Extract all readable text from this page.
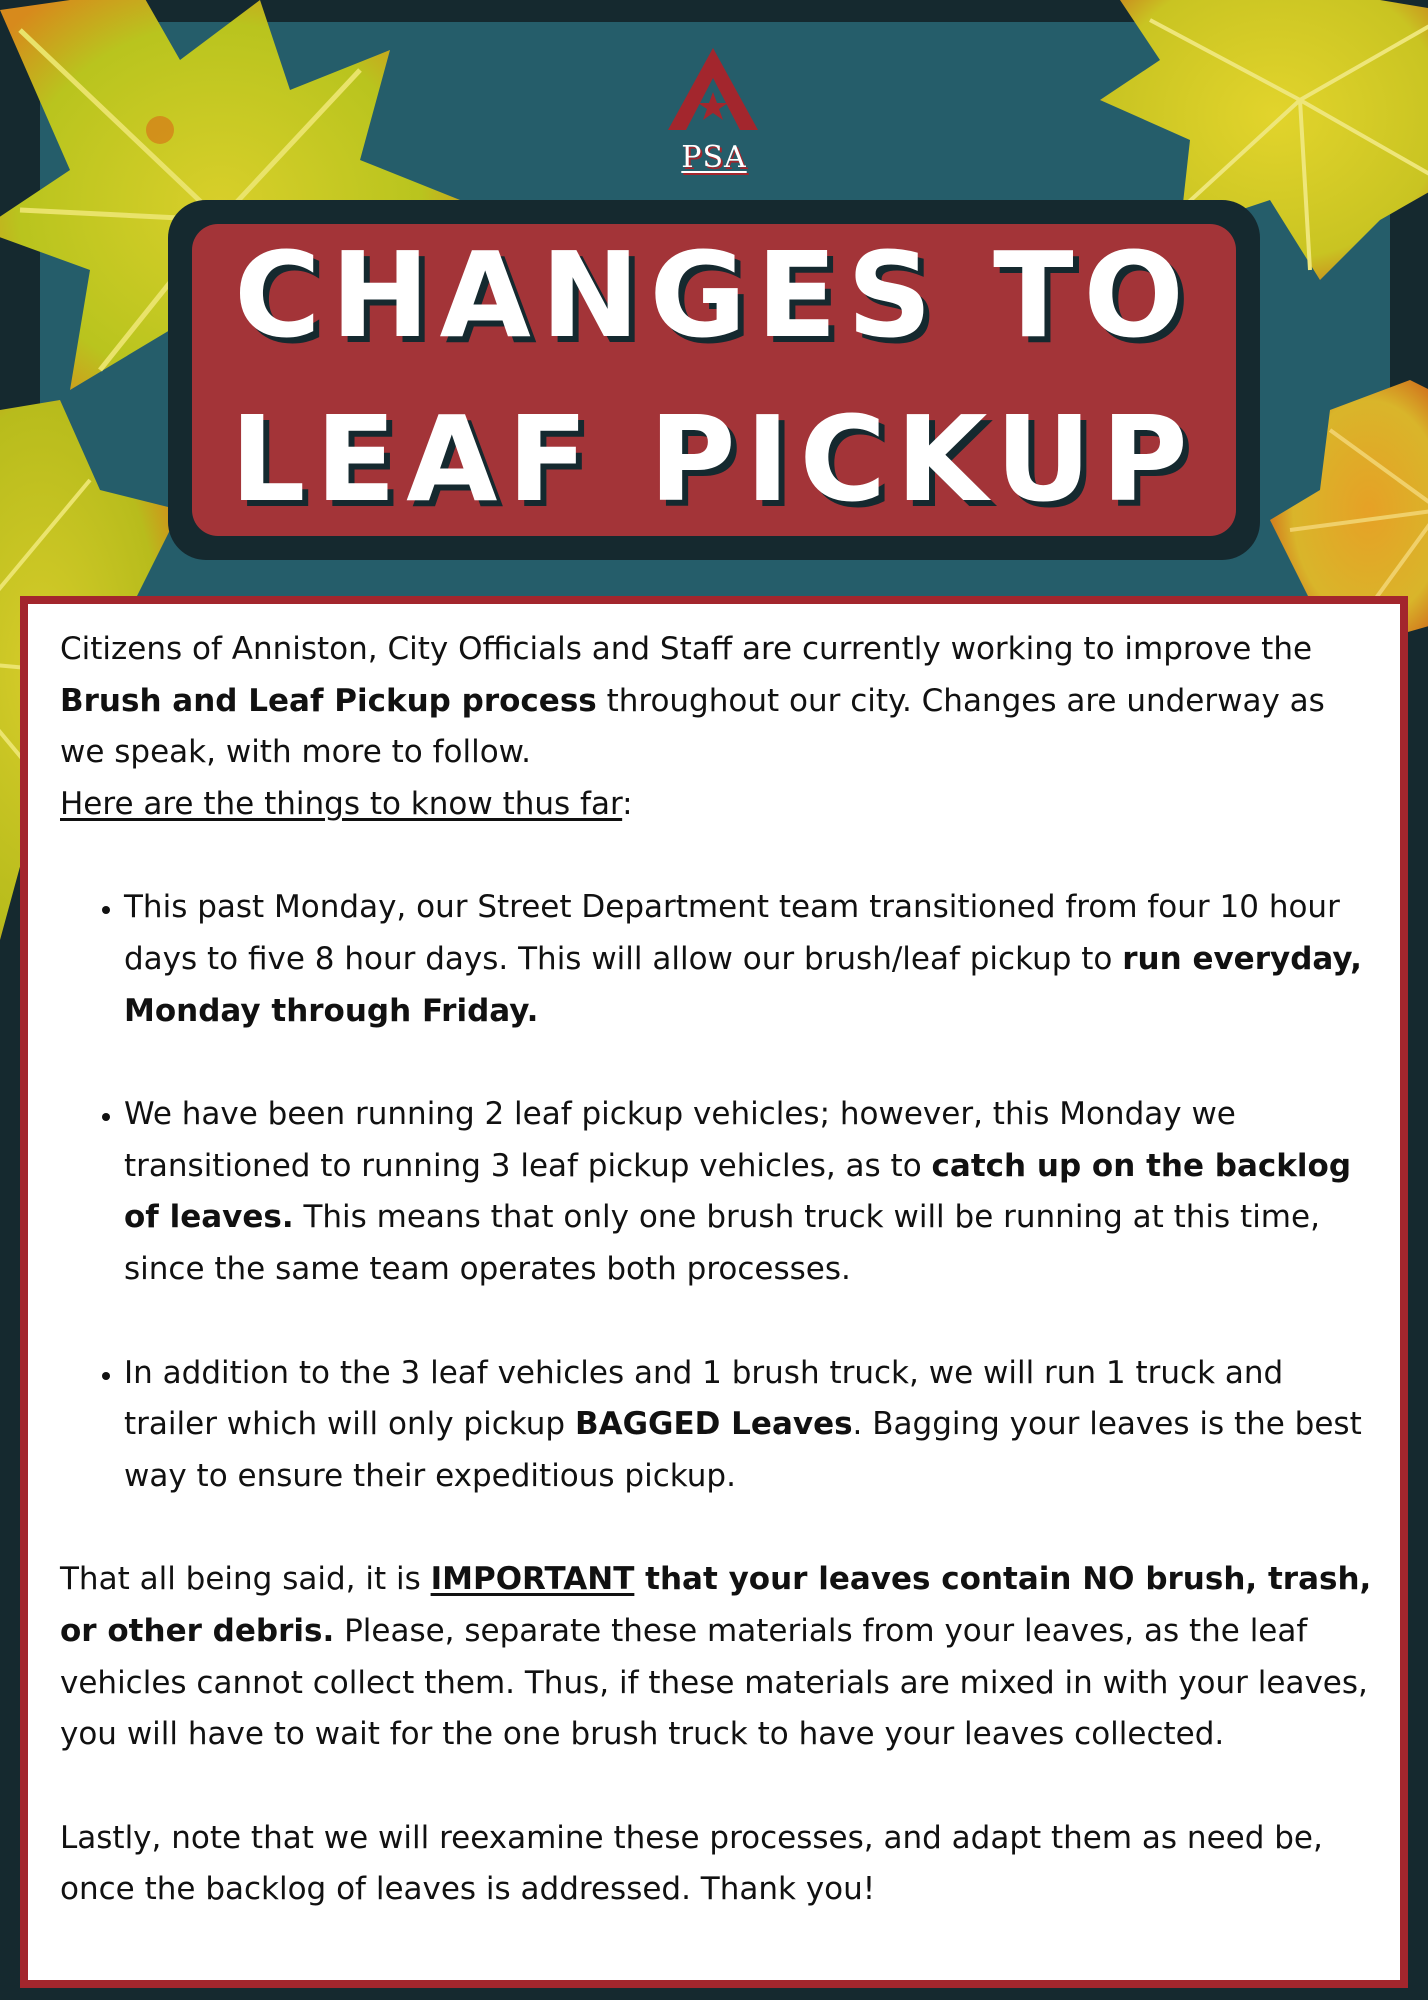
PSA
CHANGES TO
LEAF PICKUP

Citizens of Anniston, City Officials and Staff are currently working to improve the Brush and Leaf Pickup process throughout our city. Changes are underway as we speak, with more to follow.
Here are the things to know thus far:

• This past Monday, our Street Department team transitioned from four 10 hour days to five 8 hour days. This will allow our brush/leaf pickup to run everyday, Monday through Friday.
• We have been running 2 leaf pickup vehicles; however, this Monday we transitioned to running 3 leaf pickup vehicles, as to catch up on the backlog of leaves. This means that only one brush truck will be running at this time, since the same team operates both processes.
• In addition to the 3 leaf vehicles and 1 brush truck, we will run 1 truck and trailer which will only pickup BAGGED Leaves. Bagging your leaves is the best way to ensure their expeditious pickup.

That all being said, it is IMPORTANT that your leaves contain NO brush, trash, or other debris. Please, separate these materials from your leaves, as the leaf vehicles cannot collect them. Thus, if these materials are mixed in with your leaves, you will have to wait for the one brush truck to have your leaves collected.

Lastly, note that we will reexamine these processes, and adapt them as need be, once the backlog of leaves is addressed. Thank you!
